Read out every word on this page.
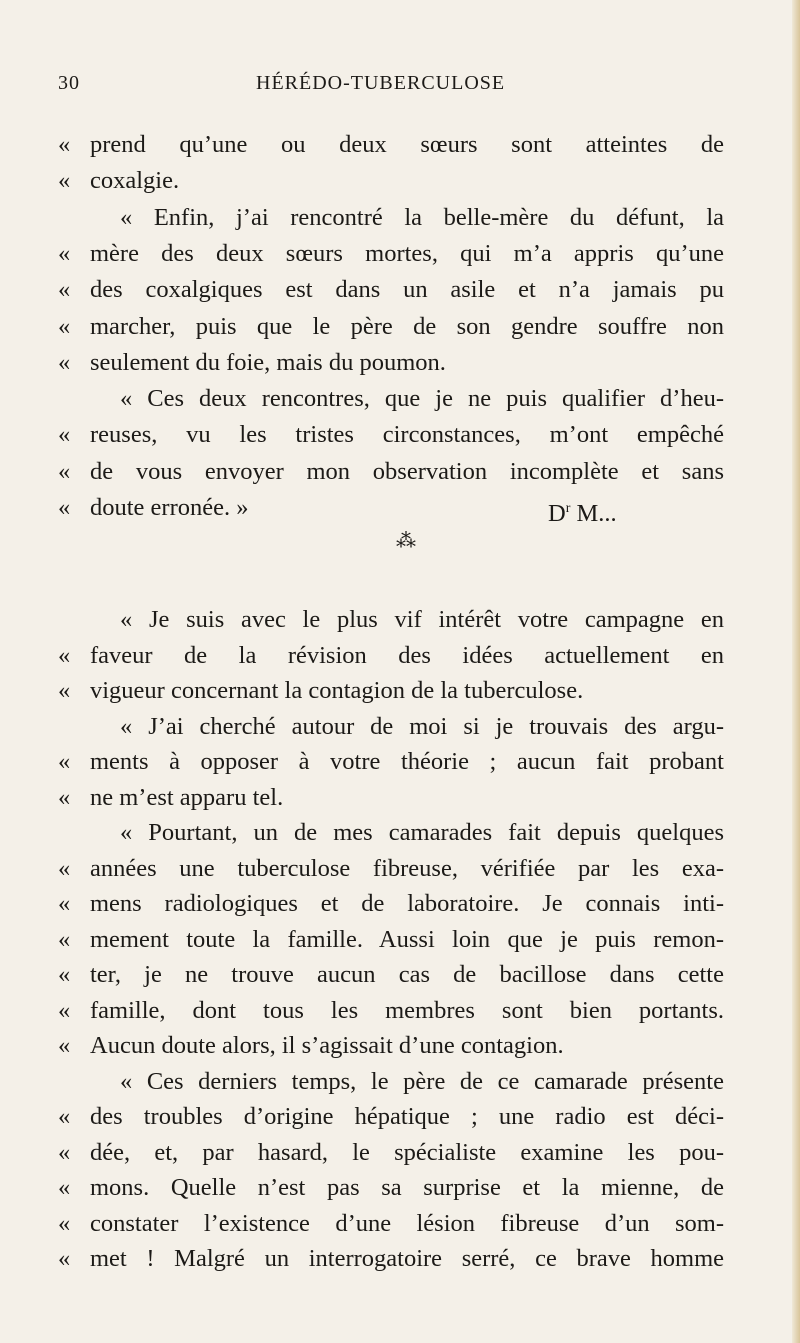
30	HÉRÉDO-TUBERCULOSE
« prend qu’une ou deux sœurs sont atteintes de
« coxalgie.
« Enfin, j’ai rencontré la belle-mère du défunt, la
« mère des deux sœurs mortes, qui m’a appris qu’une
« des coxalgiques est dans un asile et n’a jamais pu
« marcher, puis que le père de son gendre souffre non
« seulement du foie, mais du poumon.
« Ces deux rencontres, que je ne puis qualifier d’heu-
« reuses, vu les tristes circonstances, m’ont empêché
« de vous envoyer mon observation incomplète et sans
« doute erronée. »	$D^r$ M...
⁂
« Je suis avec le plus vif intérêt votre campagne en
« faveur de la révision des idées actuellement en
« vigueur concernant la contagion de la tuberculose.
« J’ai cherché autour de moi si je trouvais des argu-
« ments à opposer à votre théorie ; aucun fait probant
« ne m’est apparu tel.
« Pourtant, un de mes camarades fait depuis quelques
« années une tuberculose fibreuse, vérifiée par les exa-
« mens radiologiques et de laboratoire. Je connais inti-
« mement toute la famille. Aussi loin que je puis remon-
« ter, je ne trouve aucun cas de bacillose dans cette
« famille, dont tous les membres sont bien portants.
« Aucun doute alors, il s’agissait d’une contagion.
« Ces derniers temps, le père de ce camarade présente
« des troubles d’origine hépatique ; une radio est déci-
« dée, et, par hasard, le spécialiste examine les pou-
« mons. Quelle n’est pas sa surprise et la mienne, de
« constater l’existence d’une lésion fibreuse d’un som-
« met ! Malgré un interrogatoire serré, ce brave homme
